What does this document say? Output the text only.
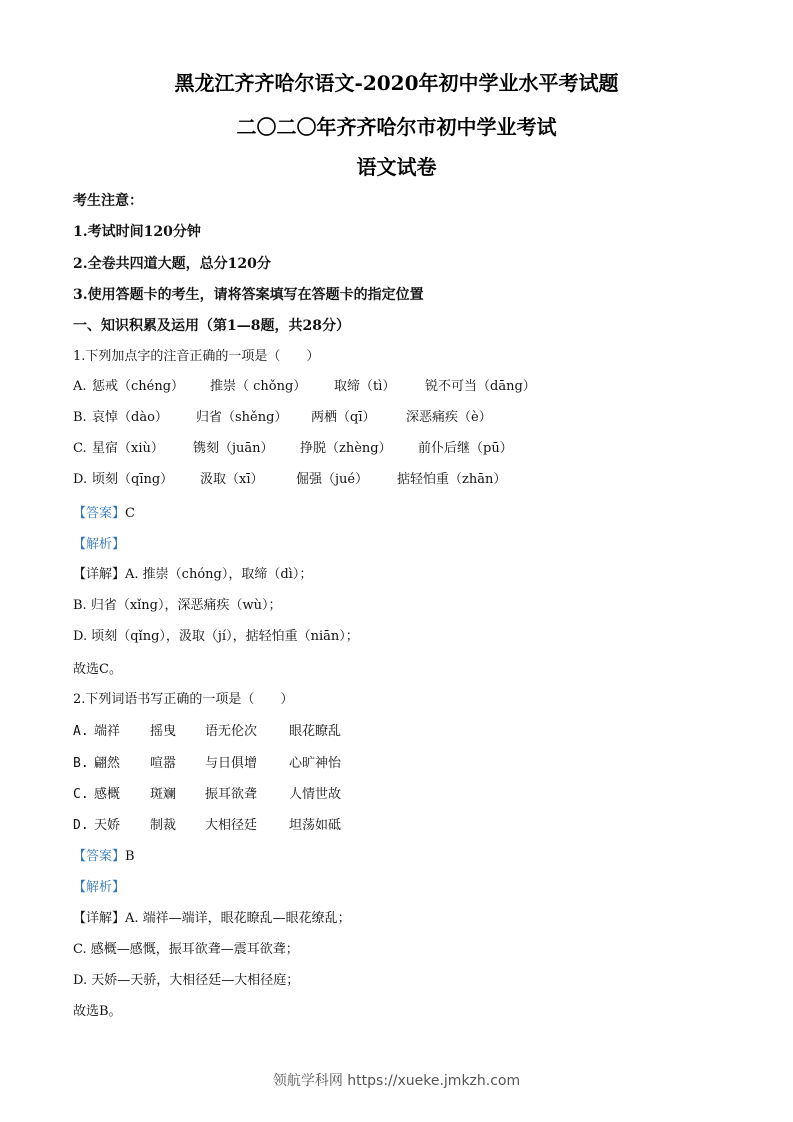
黑龙江齐齐哈尔语文-2020年初中学业水平考试题
二〇二〇年齐齐哈尔市初中学业考试
语文试卷
考生注意：
1.考试时间120分钟
2.全卷共四道大题，总分120分
3.使用答题卡的考生，请将答案填写在答题卡的指定位置
一、知识积累及运用（第1—8题，共28分）
1.下列加点字的注音正确的一项是（　　）
A. 惩戒（chéng） 推崇（ chǒng） 取缔（tì） 锐不可当（dāng）
B. 哀悼（dào） 归省（shěng） 两栖（qī） 深恶痛疾（è）
C. 星宿（xiù） 镌刻（juān） 挣脱（zhèng） 前仆后继（pū）
D. 顷刻（qīng） 汲取（xī）	倔强（jué） 掂轻怕重（zhān）
【答案】C
【解析】
【详解】A. 推崇（chóng），取缔（dì）；
B. 归省（xǐng），深恶痛疾（wù）；
D. 顷刻（qǐng），汲取（jí），掂轻怕重（niān）；
故选C。
2.下列词语书写正确的一项是（　　）
A. 端祥 摇曳 语无伦次 眼花瞭乱
B. 翩然 喧嚣 与日俱增 心旷神怡
C. 感概 斑斓 振耳欲聋 人情世故
D. 天娇 制裁 大相径廷 坦荡如砥
【答案】B
【解析】
【详解】A. 端祥—端详，眼花瞭乱—眼花缭乱；
C. 感概—感慨，振耳欲聋—震耳欲聋；
D. 天娇—天骄，大相径廷—大相径庭；
故选B。
领航学科网 https://xueke.jmkzh.com
